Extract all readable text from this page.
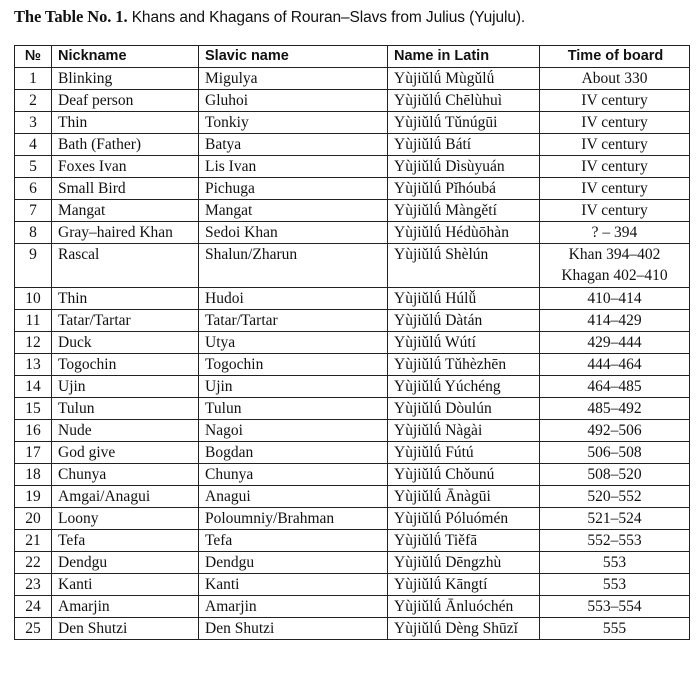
The Table No. 1. Khans and Khagans of Rouran–Slavs from Julius (Yujulu).
№	Nickname	Slavic name	Name in Latin	Time of board
1	Blinking	Migulya	Yùjiǔlǘ Mùgǔlǘ	About 330

2	Deaf person	Gluhoi	Yùjiǔlǘ Chēlùhuì	IV century

3	Thin	Tonkiy	Yùjiǔlǘ Tǔnúgūi	IV century

4	Bath (Father)	Batya	Yùjiǔlǘ Bátí	IV century

5	Foxes Ivan	Lis Ivan	Yùjiǔlǘ Dìsùyuán	IV century

6	Small Bird	Pichuga	Yùjiǔlǘ Pǐhóubá	IV century

7	Mangat	Mangat	Yùjiǔlǘ Màngětí	IV century

8	Gray–haired Khan	Sedoi Khan	Yùjiǔlǘ Hédùōhàn	? – 394

9	Rascal	Shalun/Zharun	Yùjiǔlǘ Shèlún	Khan 394–402
Khagan 402–410

10	Thin	Hudoi	Yùjiǔlǘ Húlǚ	410–414

11	Tatar/Tartar	Tatar/Tartar	Yùjiǔlǘ Dàtán	414–429

12	Duck	Utya	Yùjiǔlǘ Wútí	429–444

13	Togochin	Togochin	Yùjiǔlǘ Tǔhèzhēn	444–464

14	Ujin	Ujin	Yùjiǔlǘ Yúchéng	464–485

15	Tulun	Tulun	Yùjiǔlǘ Dòulún	485–492

16	Nude	Nagoi	Yùjiǔlǘ Nàgài	492–506

17	God give	Bogdan	Yùjiǔlǘ Fútú	506–508

18	Chunya	Chunya	Yùjiǔlǘ Chǒunú	508–520

19	Amgai/Anagui	Anagui	Yùjiǔlǘ Ānàgūi	520–552

20	Loony	Poloumniy/Brahman	Yùjiǔlǘ Póluómén	521–524

21	Tefa	Tefa	Yùjiǔlǘ Tiěfā	552–553

22	Dendgu	Dendgu	Yùjiǔlǘ Dēngzhù	553

23	Kanti	Kanti	Yùjiǔlǘ Kāngtí	553

24	Amarjin	Amarjin	Yùjiǔlǘ Ānluóchén	553–554

25	Den Shutzi	Den Shutzi	Yùjiǔlǘ Dèng Shūzǐ	555
